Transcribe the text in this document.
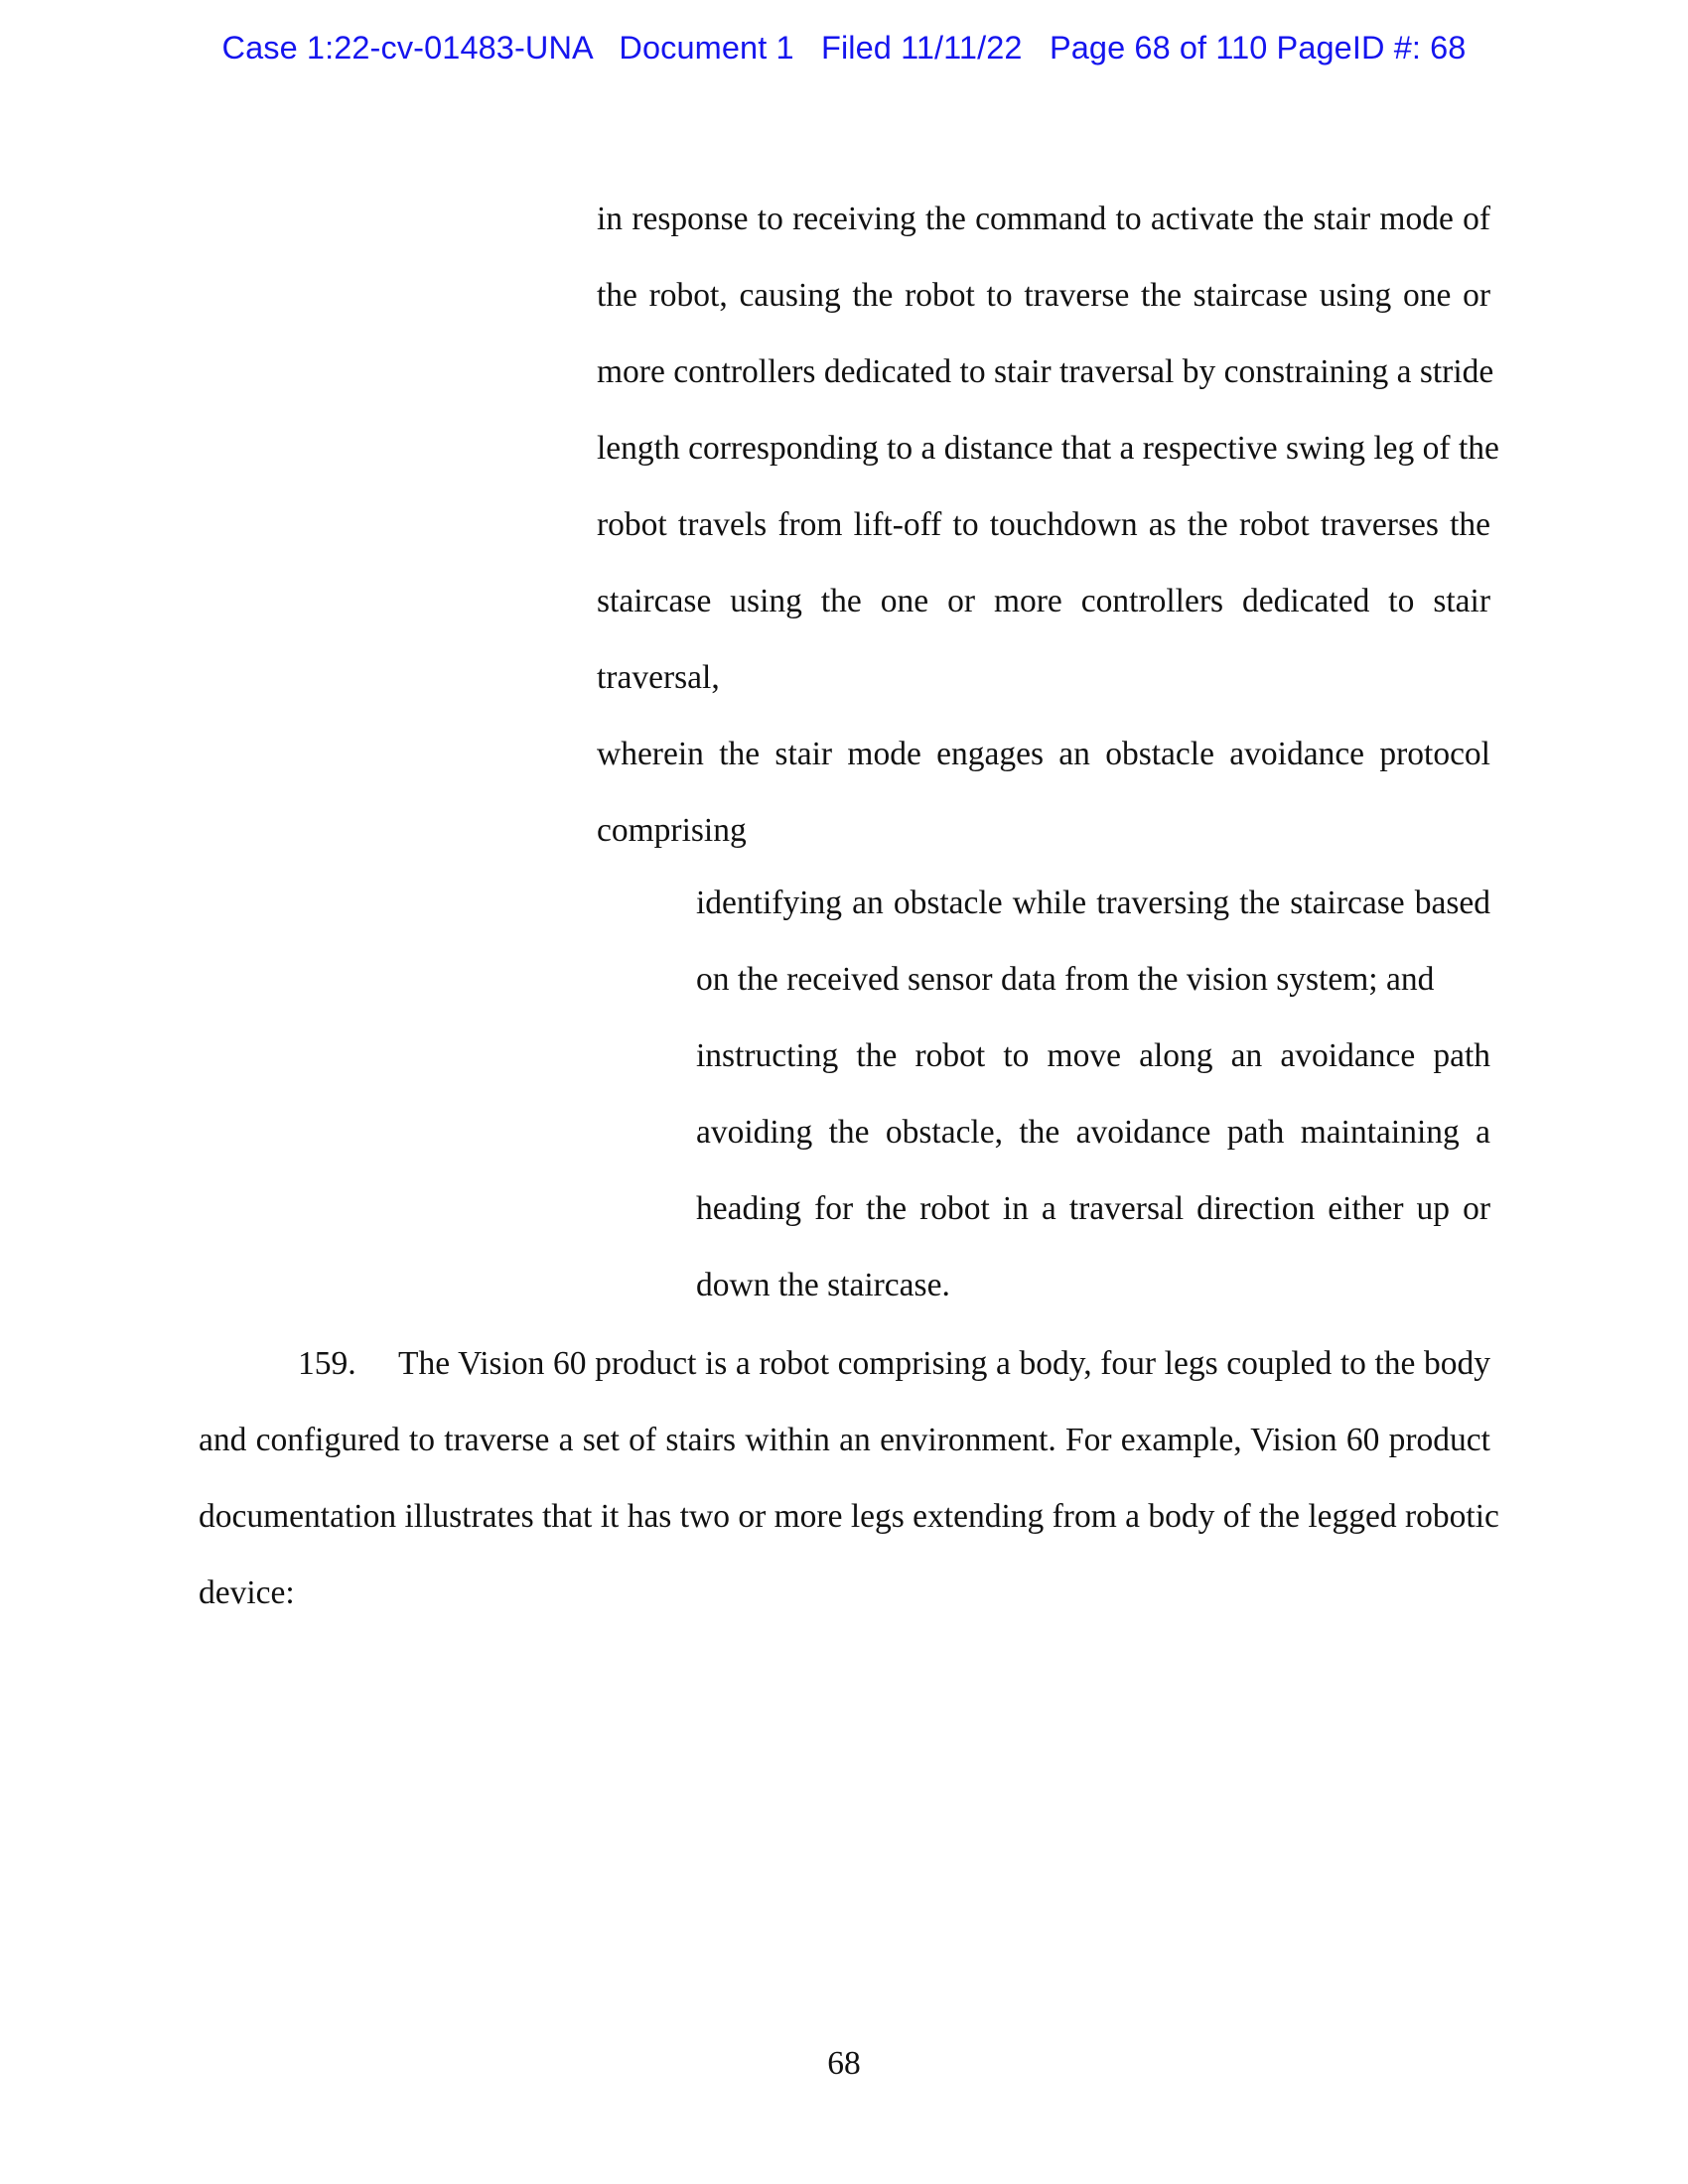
Case 1:22-cv-01483-UNA   Document 1   Filed 11/11/22   Page 68 of 110 PageID #: 68
in response to receiving the command to activate the stair mode of
the robot, causing the robot to traverse the staircase using one or
more controllers dedicated to stair traversal by constraining a stride
length corresponding to a distance that a respective swing leg of the
robot travels from lift-off to touchdown as the robot traverses the
staircase using the one or more controllers dedicated to stair
traversal,
wherein the stair mode engages an obstacle avoidance protocol
comprising
identifying an obstacle while traversing the staircase based
on the received sensor data from the vision system; and
instructing the robot to move along an avoidance path
avoiding the obstacle, the avoidance path maintaining a
heading for the robot in a traversal direction either up or
down the staircase.
159. The Vision 60 product is a robot comprising a body, four legs coupled to the body
and configured to traverse a set of stairs within an environment. For example, Vision 60 product
documentation illustrates that it has two or more legs extending from a body of the legged robotic
device:
68
